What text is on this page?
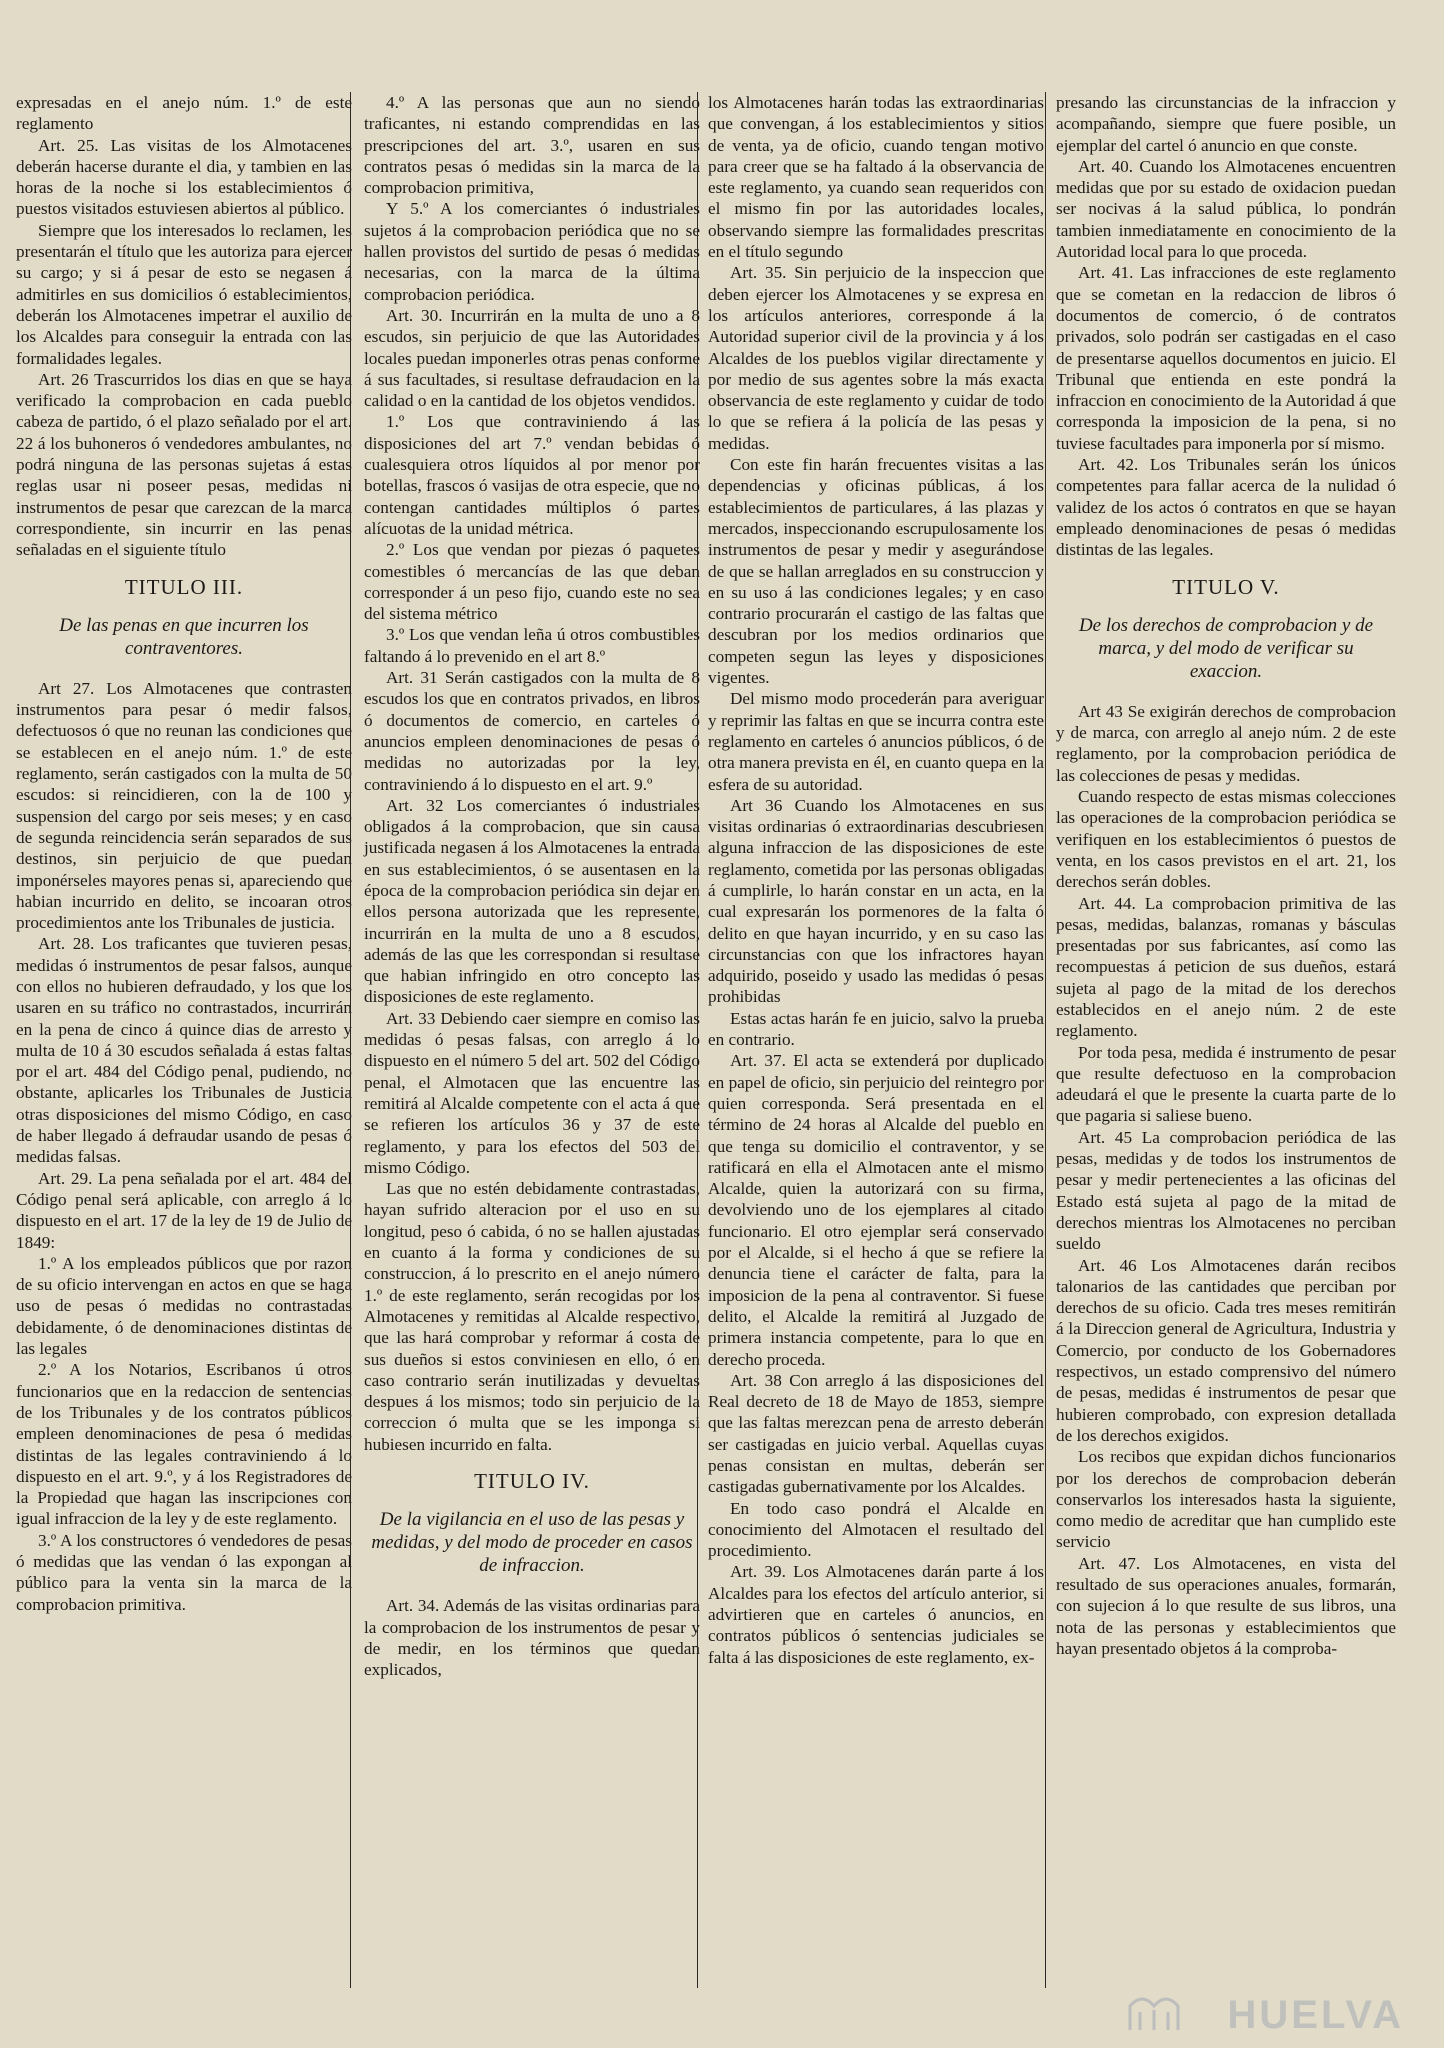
expresadas en el anejo núm. 1.º de este reglamento

Art. 25. Las visitas de los Almotacenes deberán hacerse durante el dia, y tambien en las horas de la noche si los establecimientos ó puestos visitados estuviesen abiertos al público.

Siempre que los interesados lo reclamen, les presentarán el título que les autoriza para ejercer su cargo; y si á pesar de esto se negasen á admitirles en sus domicilios ó establecimientos, deberán los Almotacenes impetrar el auxilio de los Alcaldes para conseguir la entrada con las formalidades legales.

Art. 26 Trascurridos los dias en que se haya verificado la comprobacion en cada pueblo cabeza de partido, ó el plazo señalado por el art. 22 á los buhoneros ó vendedores ambulantes, no podrá ninguna de las personas sujetas á estas reglas usar ni poseer pesas, medidas ni instrumentos de pesar que carezcan de la marca correspondiente, sin incurrir en las penas señaladas en el siguiente título

TITULO III.
De las penas en que incurren los contraventores.

Art 27. Los Almotacenes que contrasten instrumentos para pesar ó medir falsos, defectuosos ó que no reunan las condiciones que se establecen en el anejo núm. 1.º de este reglamento, serán castigados con la multa de 50 escudos: si reincidieren, con la de 100 y suspension del cargo por seis meses; y en caso de segunda reincidencia serán separados de sus destinos, sin perjuicio de que puedan imponérseles mayores penas si, apareciendo que habian incurrido en delito, se incoaran otros procedimientos ante los Tribunales de justicia.

Art. 28. Los traficantes que tuvieren pesas, medidas ó instrumentos de pesar falsos, aunque con ellos no hubieren defraudado, y los que los usaren en su tráfico no contrastados, incurrirán en la pena de cinco á quince dias de arresto y multa de 10 á 30 escudos señalada á estas faltas por el art. 484 del Código penal, pudiendo, no obstante, aplicarles los Tribunales de Justicia otras disposiciones del mismo Código, en caso de haber llegado á defraudar usando de pesas ó medidas falsas.

Art. 29. La pena señalada por el art. 484 del Código penal será aplicable, con arreglo á lo dispuesto en el art. 17 de la ley de 19 de Julio de 1849:

1.º A los empleados públicos que por razon de su oficio intervengan en actos en que se haga uso de pesas ó medidas no contrastadas debidamente, ó de denominaciones distintas de las legales

2.º A los Notarios, Escribanos ú otros funcionarios que en la redaccion de sentencias de los Tribunales y de los contratos públicos empleen denominaciones de pesa ó medidas distintas de las legales contraviniendo á lo dispuesto en el art. 9.º, y á los Registradores de la Propiedad que hagan las inscripciones con igual infraccion de la ley y de este reglamento.

3.º A los constructores ó vendedores de pesas ó medidas que las vendan ó las expongan al público para la venta sin la marca de la comprobacion primitiva.

4.º A las personas que aun no siendo traficantes, ni estando comprendidas en las prescripciones del art. 3.º, usaren en sus contratos pesas ó medidas sin la marca de la comprobacion primitiva,

Y 5.º A los comerciantes ó industriales sujetos á la comprobacion periódica que no se hallen provistos del surtido de pesas ó medidas necesarias, con la marca de la última comprobacion periódica.

Art. 30. Incurrirán en la multa de uno a 8 escudos, sin perjuicio de que las Autoridades locales puedan imponerles otras penas conforme á sus facultades, si resultase defraudacion en la calidad o en la cantidad de los objetos vendidos.

1.º Los que contraviniendo á las disposiciones del art 7.º vendan bebidas ó cualesquiera otros líquidos al por menor por botellas, frascos ó vasijas de otra especie, que no contengan cantidades múltiplos ó partes alícuotas de la unidad métrica.

2.º Los que vendan por piezas ó paquetes comestibles ó mercancías de las que deban corresponder á un peso fijo, cuando este no sea del sistema métrico

3.º Los que vendan leña ú otros combustibles faltando á lo prevenido en el art 8.º

Art. 31 Serán castigados con la multa de 8 escudos los que en contratos privados, en libros ó documentos de comercio, en carteles ó anuncios empleen denominaciones de pesas ó medidas no autorizadas por la ley, contraviniendo á lo dispuesto en el art. 9.º

Art. 32 Los comerciantes ó industriales obligados á la comprobacion, que sin causa justificada negasen á los Almotacenes la entrada en sus establecimientos, ó se ausentasen en la época de la comprobacion periódica sin dejar en ellos persona autorizada que les represente, incurrirán en la multa de uno a 8 escudos, además de las que les correspondan si resultase que habian infringido en otro concepto las disposiciones de este reglamento.

Art. 33 Debiendo caer siempre en comiso las medidas ó pesas falsas, con arreglo á lo dispuesto en el número 5 del art. 502 del Código penal, el Almotacen que las encuentre las remitirá al Alcalde competente con el acta á que se refieren los artículos 36 y 37 de este reglamento, y para los efectos del 503 del mismo Código.

Las que no estén debidamente contrastadas, hayan sufrido alteracion por el uso en su longitud, peso ó cabida, ó no se hallen ajustadas en cuanto á la forma y condiciones de su construccion, á lo prescrito en el anejo número 1.º de este reglamento, serán recogidas por los Almotacenes y remitidas al Alcalde respectivo, que las hará comprobar y reformar á costa de sus dueños si estos conviniesen en ello, ó en caso contrario serán inutilizadas y devueltas despues á los mismos; todo sin perjuicio de la correccion ó multa que se les imponga si hubiesen incurrido en falta.

TITULO IV.
De la vigilancia en el uso de las pesas y medidas, y del modo de proceder en casos de infraccion.

Art. 34. Además de las visitas ordinarias para la comprobacion de los instrumentos de pesar y de medir, en los términos que quedan explicados,

los Almotacenes harán todas las extraordinarias que convengan, á los establecimientos y sitios de venta, ya de oficio, cuando tengan motivo para creer que se ha faltado á la observancia de este reglamento, ya cuando sean requeridos con el mismo fin por las autoridades locales, observando siempre las formalidades prescritas en el título segundo

Art. 35. Sin perjuicio de la inspeccion que deben ejercer los Almotacenes y se expresa en los artículos anteriores, corresponde á la Autoridad superior civil de la provincia y á los Alcaldes de los pueblos vigilar directamente y por medio de sus agentes sobre la más exacta observancia de este reglamento y cuidar de todo lo que se refiera á la policía de las pesas y medidas.

Con este fin harán frecuentes visitas a las dependencias y oficinas públicas, á los establecimientos de particulares, á las plazas y mercados, inspeccionando escrupulosamente los instrumentos de pesar y medir y asegurándose de que se hallan arreglados en su construccion y en su uso á las condiciones legales; y en caso contrario procurarán el castigo de las faltas que descubran por los medios ordinarios que competen segun las leyes y disposiciones vigentes.

Del mismo modo procederán para averiguar y reprimir las faltas en que se incurra contra este reglamento en carteles ó anuncios públicos, ó de otra manera prevista en él, en cuanto quepa en la esfera de su autoridad.

Art 36 Cuando los Almotacenes en sus visitas ordinarias ó extraordinarias descubriesen alguna infraccion de las disposiciones de este reglamento, cometida por las personas obligadas á cumplirle, lo harán constar en un acta, en la cual expresarán los pormenores de la falta ó delito en que hayan incurrido, y en su caso las circunstancias con que los infractores hayan adquirido, poseido y usado las medidas ó pesas prohibidas

Estas actas harán fe en juicio, salvo la prueba en contrario.

Art. 37. El acta se extenderá por duplicado en papel de oficio, sin perjuicio del reintegro por quien corresponda. Será presentada en el término de 24 horas al Alcalde del pueblo en que tenga su domicilio el contraventor, y se ratificará en ella el Almotacen ante el mismo Alcalde, quien la autorizará con su firma, devolviendo uno de los ejemplares al citado funcionario. El otro ejemplar será conservado por el Alcalde, si el hecho á que se refiere la denuncia tiene el carácter de falta, para la imposicion de la pena al contraventor. Si fuese delito, el Alcalde la remitirá al Juzgado de primera instancia competente, para lo que en derecho proceda.

Art. 38 Con arreglo á las disposiciones del Real decreto de 18 de Mayo de 1853, siempre que las faltas merezcan pena de arresto deberán ser castigadas en juicio verbal. Aquellas cuyas penas consistan en multas, deberán ser castigadas gubernativamente por los Alcaldes.

En todo caso pondrá el Alcalde en conocimiento del Almotacen el resultado del procedimiento.

Art. 39. Los Almotacenes darán parte á los Alcaldes para los efectos del artículo anterior, si advirtieren que en carteles ó anuncios, en contratos públicos ó sentencias judiciales se falta á las disposiciones de este reglamento, ex-

presando las circunstancias de la infraccion y acompañando, siempre que fuere posible, un ejemplar del cartel ó anuncio en que conste.

Art. 40. Cuando los Almotacenes encuentren medidas que por su estado de oxidacion puedan ser nocivas á la salud pública, lo pondrán tambien inmediatamente en conocimiento de la Autoridad local para lo que proceda.

Art. 41. Las infracciones de este reglamento que se cometan en la redaccion de libros ó documentos de comercio, ó de contratos privados, solo podrán ser castigadas en el caso de presentarse aquellos documentos en juicio. El Tribunal que entienda en este pondrá la infraccion en conocimiento de la Autoridad á que corresponda la imposicion de la pena, si no tuviese facultades para imponerla por sí mismo.

Art. 42. Los Tribunales serán los únicos competentes para fallar acerca de la nulidad ó validez de los actos ó contratos en que se hayan empleado denominaciones de pesas ó medidas distintas de las legales.

TITULO V.
De los derechos de comprobacion y de marca, y del modo de verificar su exaccion.

Art 43 Se exigirán derechos de comprobacion y de marca, con arreglo al anejo núm. 2 de este reglamento, por la comprobacion periódica de las colecciones de pesas y medidas.

Cuando respecto de estas mismas colecciones las operaciones de la comprobacion periódica se verifiquen en los establecimientos ó puestos de venta, en los casos previstos en el art. 21, los derechos serán dobles.

Art. 44. La comprobacion primitiva de las pesas, medidas, balanzas, romanas y básculas presentadas por sus fabricantes, así como las recompuestas á peticion de sus dueños, estará sujeta al pago de la mitad de los derechos establecidos en el anejo núm. 2 de este reglamento.

Por toda pesa, medida é instrumento de pesar que resulte defectuoso en la comprobacion adeudará el que le presente la cuarta parte de lo que pagaria si saliese bueno.

Art. 45 La comprobacion periódica de las pesas, medidas y de todos los instrumentos de pesar y medir pertenecientes a las oficinas del Estado está sujeta al pago de la mitad de derechos mientras los Almotacenes no perciban sueldo

Art. 46 Los Almotacenes darán recibos talonarios de las cantidades que perciban por derechos de su oficio. Cada tres meses remitirán á la Direccion general de Agricultura, Industria y Comercio, por conducto de los Gobernadores respectivos, un estado comprensivo del número de pesas, medidas é instrumentos de pesar que hubieren comprobado, con expresion detallada de los derechos exigidos.

Los recibos que expidan dichos funcionarios por los derechos de comprobacion deberán conservarlos los interesados hasta la siguiente, como medio de acreditar que han cumplido este servicio

Art. 47. Los Almotacenes, en vista del resultado de sus operaciones anuales, formarán, con sujecion á lo que resulte de sus libros, una nota de las personas y establecimientos que hayan presentado objetos á la comproba-

HUELVA
